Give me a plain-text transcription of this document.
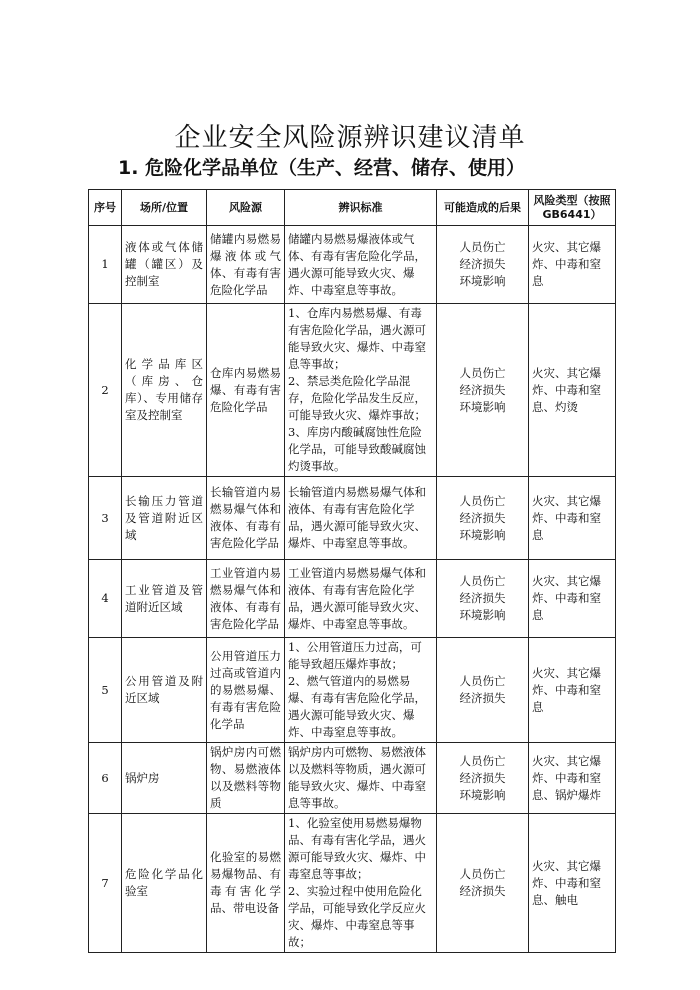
企业安全风险源辨识建议清单
1. 危险化学品单位（生产、经营、储存、使用）
序号	场所/位置	风险源	辨识标准	可能造成的后果	风险类型（按照GB6441）
1	液体或气体储罐（罐区）及控制室	储罐内易燃易爆液体或气体、有毒有害危险化学品	储罐内易燃易爆液体或气体、有毒有害危险化学品，遇火源可能导致火灾、爆炸、中毒窒息等事故。	人员伤亡
经济损失
环境影响	火灾、其它爆炸、中毒和窒息
2	化学品库区（库房、仓库）、专用储存室及控制室	仓库内易燃易爆、有毒有害危险化学品	1、仓库内易燃易爆、有毒有害危险化学品，遇火源可能导致火灾、爆炸、中毒窒息等事故；
2、禁忌类危险化学品混存，危险化学品发生反应，可能导致火灾、爆炸事故；
3、库房内酸碱腐蚀性危险化学品，可能导致酸碱腐蚀灼烫事故。	人员伤亡
经济损失
环境影响	火灾、其它爆炸、中毒和窒息、灼烫
3	长输压力管道及管道附近区域	长输管道内易燃易爆气体和液体、有毒有害危险化学品	长输管道内易燃易爆气体和液体、有毒有害危险化学品，遇火源可能导致火灾、爆炸、中毒窒息等事故。	人员伤亡
经济损失
环境影响	火灾、其它爆炸、中毒和窒息
4	工业管道及管道附近区域	工业管道内易燃易爆气体和液体、有毒有害危险化学品	工业管道内易燃易爆气体和液体、有毒有害危险化学品，遇火源可能导致火灾、爆炸、中毒窒息等事故。	人员伤亡
经济损失
环境影响	火灾、其它爆炸、中毒和窒息
5	公用管道及附近区域	公用管道压力过高或管道内的易燃易爆、有毒有害危险化学品	1、公用管道压力过高，可能导致超压爆炸事故；
2、燃气管道内的易燃易爆、有毒有害危险化学品，遇火源可能导致火灾、爆炸、中毒窒息等事故。	人员伤亡
经济损失	火灾、其它爆炸、中毒和窒息
6	锅炉房	锅炉房内可燃物、易燃液体以及燃料等物质	锅炉房内可燃物、易燃液体以及燃料等物质，遇火源可能导致火灾、爆炸、中毒窒息等事故。	人员伤亡
经济损失
环境影响	火灾、其它爆炸、中毒和窒息、锅炉爆炸
7	危险化学品化验室	化验室的易燃易爆物品、有毒有害化学品、带电设备	1、化验室使用易燃易爆物品、有毒有害化学品，遇火源可能导致火灾、爆炸、中毒窒息等事故；
2、实验过程中使用危险化学品，可能导致化学反应火灾、爆炸、中毒窒息等事故；	人员伤亡
经济损失	火灾、其它爆炸、中毒和窒息、触电
